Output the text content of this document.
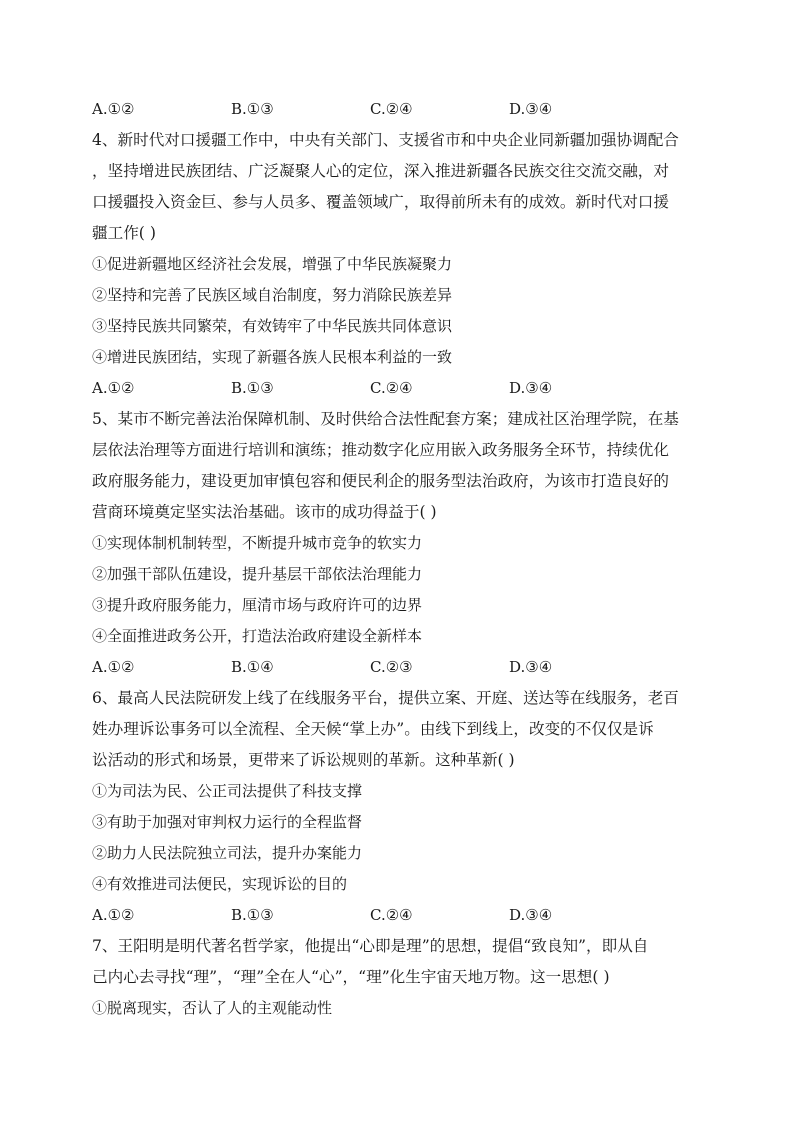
A.①②	B.①③	C.②④	D.③④
4、新时代对口援疆工作中，中央有关部门、支援省市和中央企业同新疆加强协调配合
，坚持增进民族团结、广泛凝聚人心的定位，深入推进新疆各民族交往交流交融，对
口援疆投入资金巨、参与人员多、覆盖领域广，取得前所未有的成效。新时代对口援
疆工作( )
①促进新疆地区经济社会发展，增强了中华民族凝聚力
②坚持和完善了民族区域自治制度，努力消除民族差异
③坚持民族共同繁荣，有效铸牢了中华民族共同体意识
④增进民族团结，实现了新疆各族人民根本利益的一致
A.①②	B.①③	C.②④	D.③④
5、某市不断完善法治保障机制、及时供给合法性配套方案；建成社区治理学院，在基
层依法治理等方面进行培训和演练；推动数字化应用嵌入政务服务全环节，持续优化
政府服务能力，建设更加审慎包容和便民利企的服务型法治政府，为该市打造良好的
营商环境奠定坚实法治基础。该市的成功得益于( )
①实现体制机制转型，不断提升城市竞争的软实力
②加强干部队伍建设，提升基层干部依法治理能力
③提升政府服务能力，厘清市场与政府许可的边界
④全面推进政务公开，打造法治政府建设全新样本
A.①②	B.①④	C.②③	D.③④
6、最高人民法院研发上线了在线服务平台，提供立案、开庭、送达等在线服务，老百
姓办理诉讼事务可以全流程、全天候“掌上办”。由线下到线上，改变的不仅仅是诉
讼活动的形式和场景，更带来了诉讼规则的革新。这种革新( )
①为司法为民、公正司法提供了科技支撑
③有助于加强对审判权力运行的全程监督
②助力人民法院独立司法，提升办案能力
④有效推进司法便民，实现诉讼的目的
A.①②	B.①③	C.②④	D.③④
7、王阳明是明代著名哲学家，他提出“心即是理”的思想，提倡“致良知”，即从自
己内心去寻找“理”，“理”全在人“心”，“理”化生宇宙天地万物。这一思想( )
①脱离现实，否认了人的主观能动性
